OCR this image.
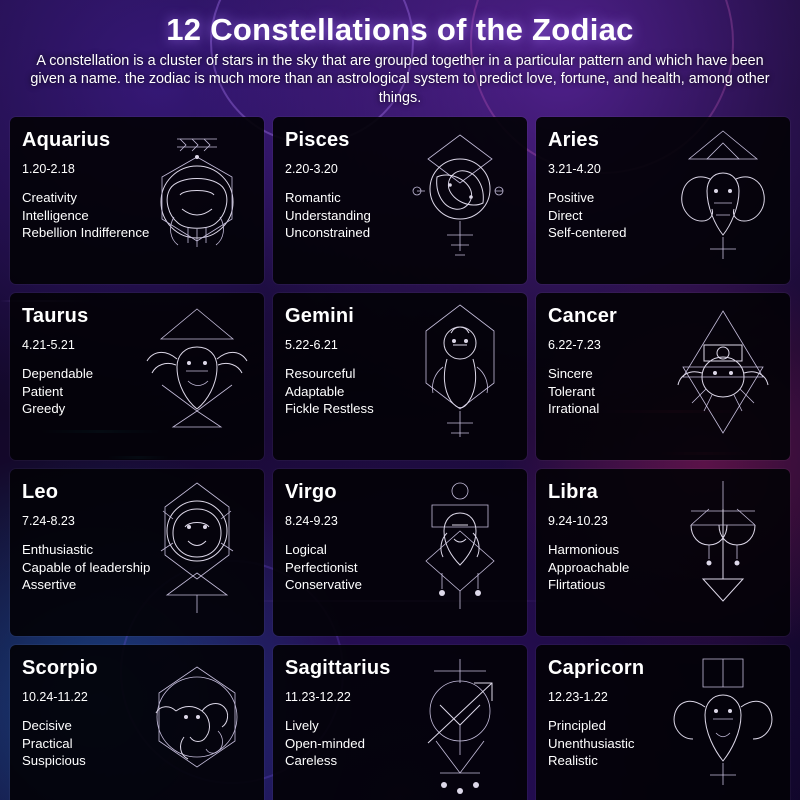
12 Constellations of the Zodiac
A constellation is a cluster of stars in the sky that are grouped together in a particular pattern and which have been given a name. the zodiac is much more than an astrological system to predict love, fortune, and health, among other things.
Aquarius
1.20-2.18
Creativity
Intelligence
Rebellion Indifference
Pisces
2.20-3.20
Romantic
Understanding
Unconstrained
Aries
3.21-4.20
Positive
Direct
Self-centered
Taurus
4.21-5.21
Dependable
Patient
Greedy
Gemini
5.22-6.21
Resourceful
Adaptable
Fickle Restless
Cancer
6.22-7.23
Sincere
Tolerant
Irrational
Leo
7.24-8.23
Enthusiastic
Capable of leadership
Assertive
Virgo
8.24-9.23
Logical
Perfectionist
Conservative
Libra
9.24-10.23
Harmonious
Approachable
Flirtatious
Scorpio
10.24-11.22
Decisive
Practical
Suspicious
Sagittarius
11.23-12.22
Lively
Open-minded
Careless
Capricorn
12.23-1.22
Principled
Unenthusiastic
Realistic
